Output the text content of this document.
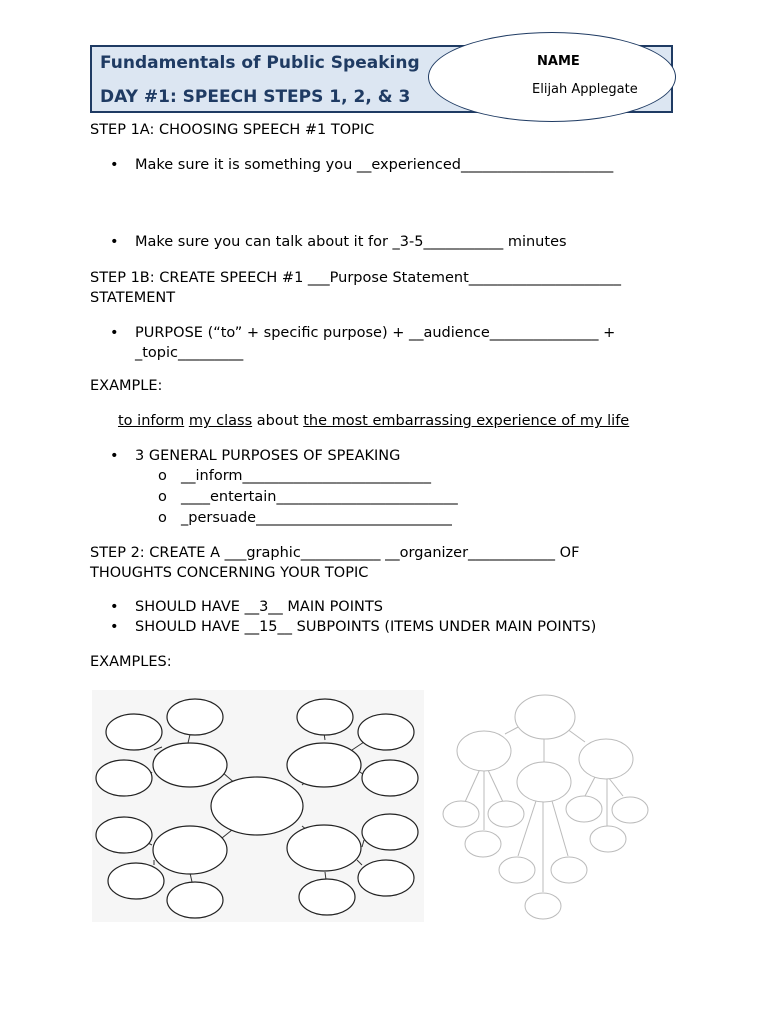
Fundamentals of Public Speaking
DAY #1: SPEECH STEPS 1, 2, & 3
NAME
Elijah Applegate
STEP 1A: CHOOSING SPEECH #1 TOPIC
• Make sure it is something you __experienced_____________________
• Make sure you can talk about it for _3-5___________ minutes
STEP 1B: CREATE SPEECH #1 ___Purpose Statement_____________________
STATEMENT
• PURPOSE (“to” + specific purpose) + __audience_______________ +
_topic_________
EXAMPLE:
to inform my class about the most embarrassing experience of my life
• 3 GENERAL PURPOSES OF SPEAKING
o __inform__________________________
o ____entertain_________________________
o _persuade___________________________
STEP 2: CREATE A ___graphic___________ __organizer____________ OF
THOUGHTS CONCERNING YOUR TOPIC
• SHOULD HAVE __3__ MAIN POINTS
• SHOULD HAVE __15__ SUBPOINTS (ITEMS UNDER MAIN POINTS)
EXAMPLES:
